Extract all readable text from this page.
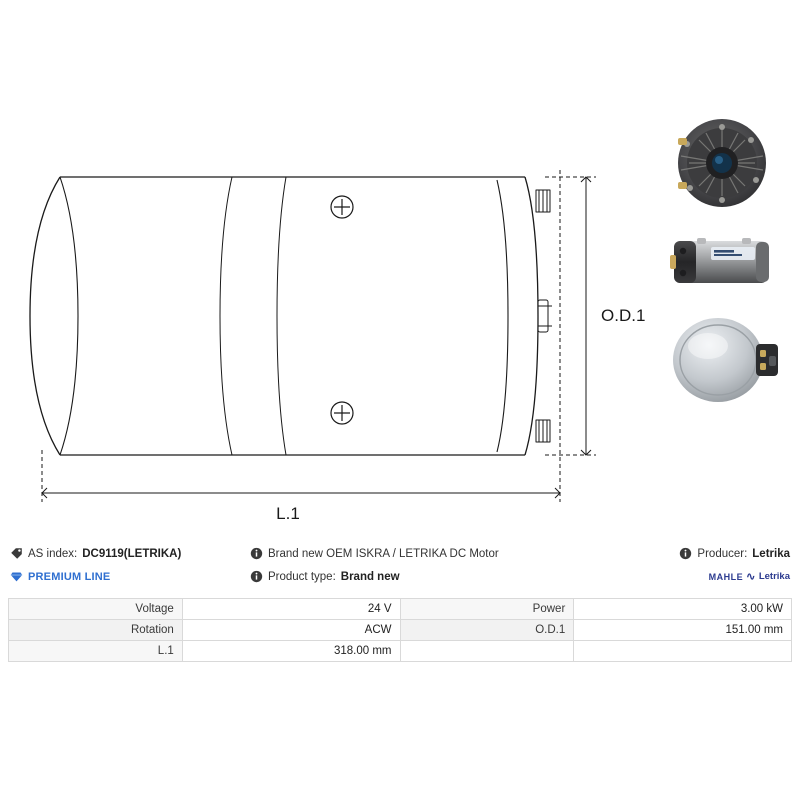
O.D.1
L.1
AS index: DC9119(LETRIKA)	Brand new OEM ISKRA / LETRIKA DC Motor	Producer: Letrika
PREMIUM LINE	Product type: Brand new	MAHLE ∿ Letrika
Voltage	24 V	Power	3.00 kW
Rotation	ACW	O.D.1	151.00 mm
L.1	318.00 mm		
